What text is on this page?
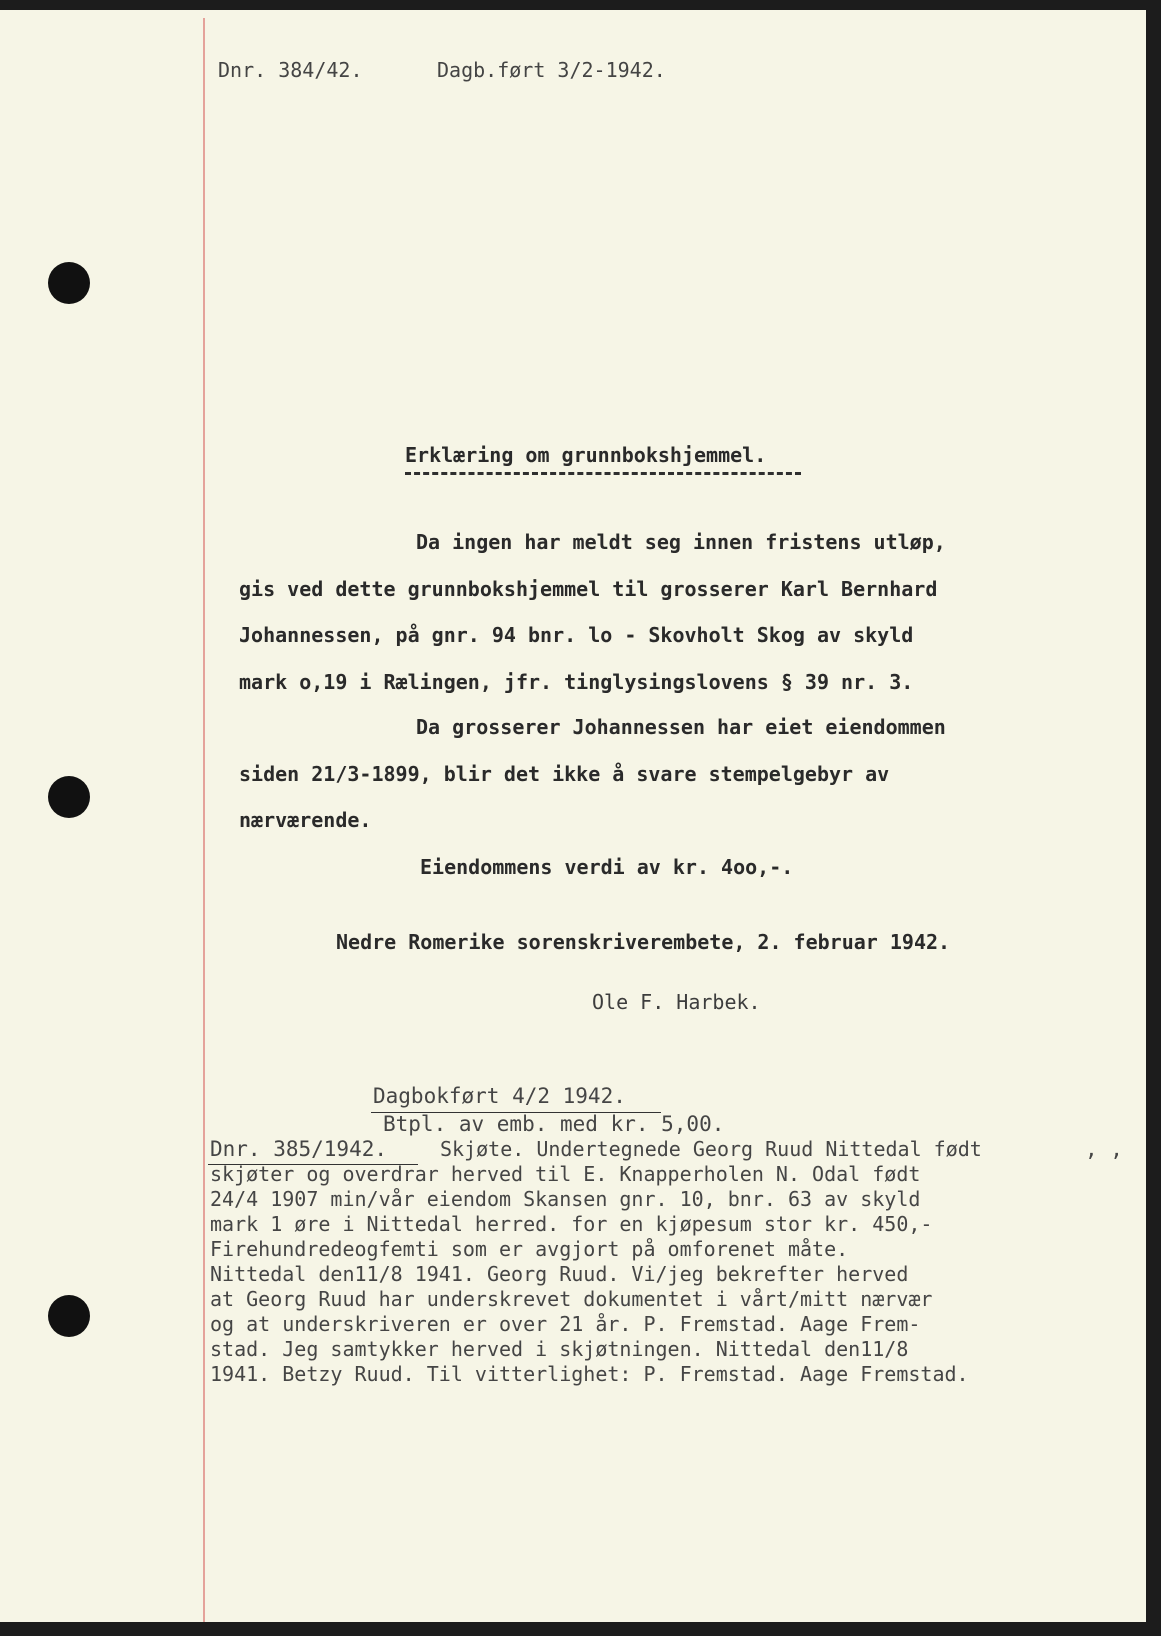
Dnr. 384/42.	Dagb.ført 3/2-1942.
Erklæring om grunnbokshjemmel.
Da ingen har meldt seg innen fristens utløp,
gis ved dette grunnbokshjemmel til grosserer Karl Bernhard
Johannessen, på gnr. 94 bnr. lo - Skovholt Skog av skyld
mark o,19 i Rælingen, jfr. tinglysingslovens § 39 nr. 3.
Da grosserer Johannessen har eiet eiendommen
siden 21/3-1899, blir det ikke å svare stempelgebyr av
nærværende.
Eiendommens verdi av kr. 4oo,-.
Nedre Romerike sorenskriverembete, 2. februar 1942.
Ole F. Harbek.
Dagbokført 4/2 1942.
Btpl. av emb. med kr. 5,00.
Dnr. 385/1942.	Skjøte. Undertegnede Georg Ruud Nittedal født	, ,
skjøter og overdrar herved til E. Knapperholen N. Odal født
24/4 1907 min/vår eiendom Skansen gnr. 10, bnr. 63 av skyld
mark 1 øre i Nittedal herred. for en kjøpesum stor kr. 450,-
Firehundredeogfemti som er avgjort på omforenet måte.
Nittedal den11/8 1941. Georg Ruud. Vi/jeg bekrefter herved
at Georg Ruud har underskrevet dokumentet i vårt/mitt nærvær
og at underskriveren er over 21 år. P. Fremstad. Aage Frem-
stad. Jeg samtykker herved i skjøtningen. Nittedal den11/8
1941. Betzy Ruud. Til vitterlighet: P. Fremstad. Aage Fremstad.
